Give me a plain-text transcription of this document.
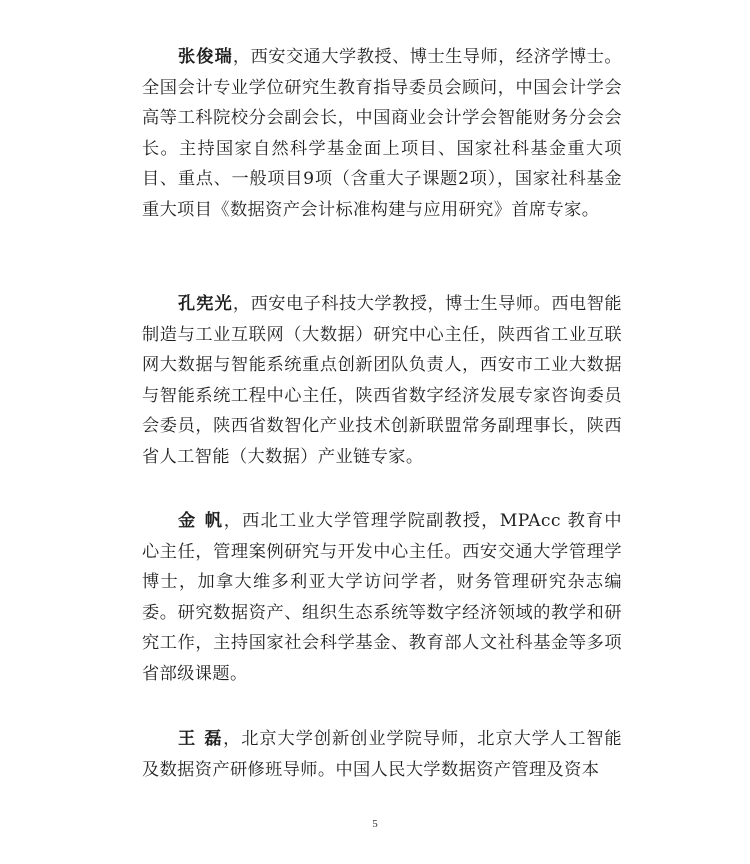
张俊瑞，西安交通大学教授、博士生导师，经济学博士。全国会计专业学位研究生教育指导委员会顾问，中国会计学会高等工科院校分会副会长，中国商业会计学会智能财务分会会长。主持国家自然科学基金面上项目、国家社科基金重大项目、重点、一般项目9项（含重大子课题2项），国家社科基金重大项目《数据资产会计标准构建与应用研究》首席专家。

孔宪光，西安电子科技大学教授，博士生导师。西电智能制造与工业互联网（大数据）研究中心主任，陕西省工业互联网大数据与智能系统重点创新团队负责人，西安市工业大数据与智能系统工程中心主任，陕西省数字经济发展专家咨询委员会委员，陕西省数智化产业技术创新联盟常务副理事长，陕西省人工智能（大数据）产业链专家。

金 帆，西北工业大学管理学院副教授，MPAcc 教育中心主任，管理案例研究与开发中心主任。西安交通大学管理学博士，加拿大维多利亚大学访问学者，财务管理研究杂志编委。研究数据资产、组织生态系统等数字经济领域的教学和研究工作，主持国家社会科学基金、教育部人文社科基金等多项省部级课题。

王 磊，北京大学创新创业学院导师，北京大学人工智能及数据资产研修班导师。中国人民大学数据资产管理及资本

5
